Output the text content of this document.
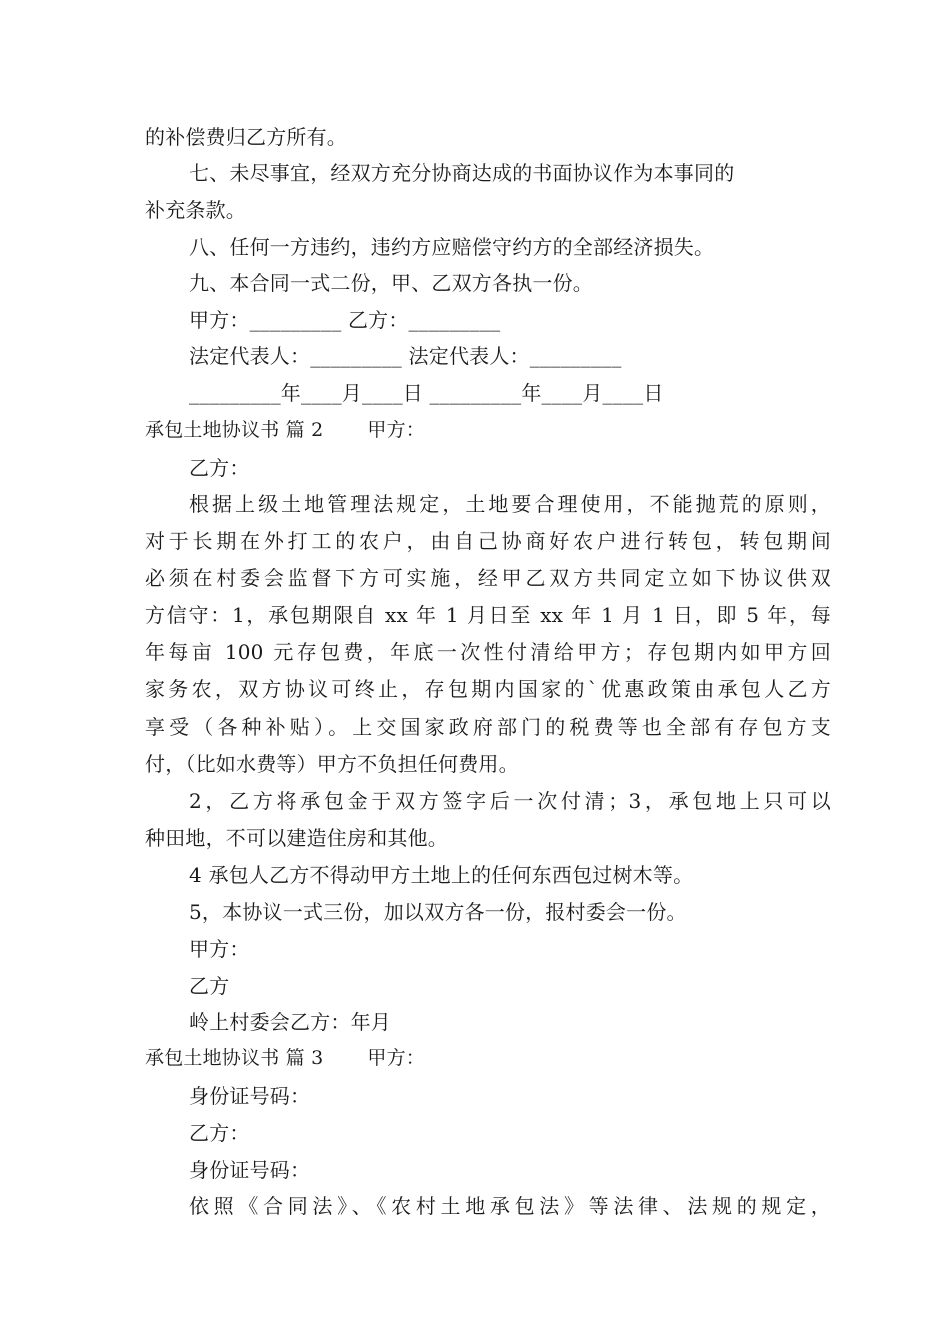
的补偿费归乙方所有。
七、未尽事宜，经双方充分协商达成的书面协议作为本事同的
补充条款。
八、任何一方违约，违约方应赔偿守约方的全部经济损失。
九、本合同一式二份，甲、乙双方各执一份。
甲方：_________ 乙方：_________
法定代表人：_________ 法定代表人：_________
_________年____月____日 _________年____月____日
承包土地协议书 篇 2 甲方：
乙方：
根据上级土地管理法规定，土地要合理使用，不能抛荒的原则，
对于长期在外打工的农户，由自己协商好农户进行转包，转包期间
必须在村委会监督下方可实施，经甲乙双方共同定立如下协议供双
方信守：1，承包期限自 xx 年 1 月日至 xx 年 1 月 1 日，即 5 年，每
年每亩 100 元存包费，年底一次性付清给甲方；存包期内如甲方回
家务农，双方协议可终止，存包期内国家的`优惠政策由承包人乙方
享受（各种补贴）。上交国家政府部门的税费等也全部有存包方支
付，（比如水费等）甲方不负担任何费用。
2，乙方将承包金于双方签字后一次付清；3，承包地上只可以
种田地，不可以建造住房和其他。
4 承包人乙方不得动甲方土地上的任何东西包过树木等。
5，本协议一式三份，加以双方各一份，报村委会一份。
甲方：
乙方
岭上村委会乙方：年月
承包土地协议书 篇 3 甲方：
身份证号码：
乙方：
身份证号码：
依照《合同法》、《农村土地承包法》等法律、法规的规定，
